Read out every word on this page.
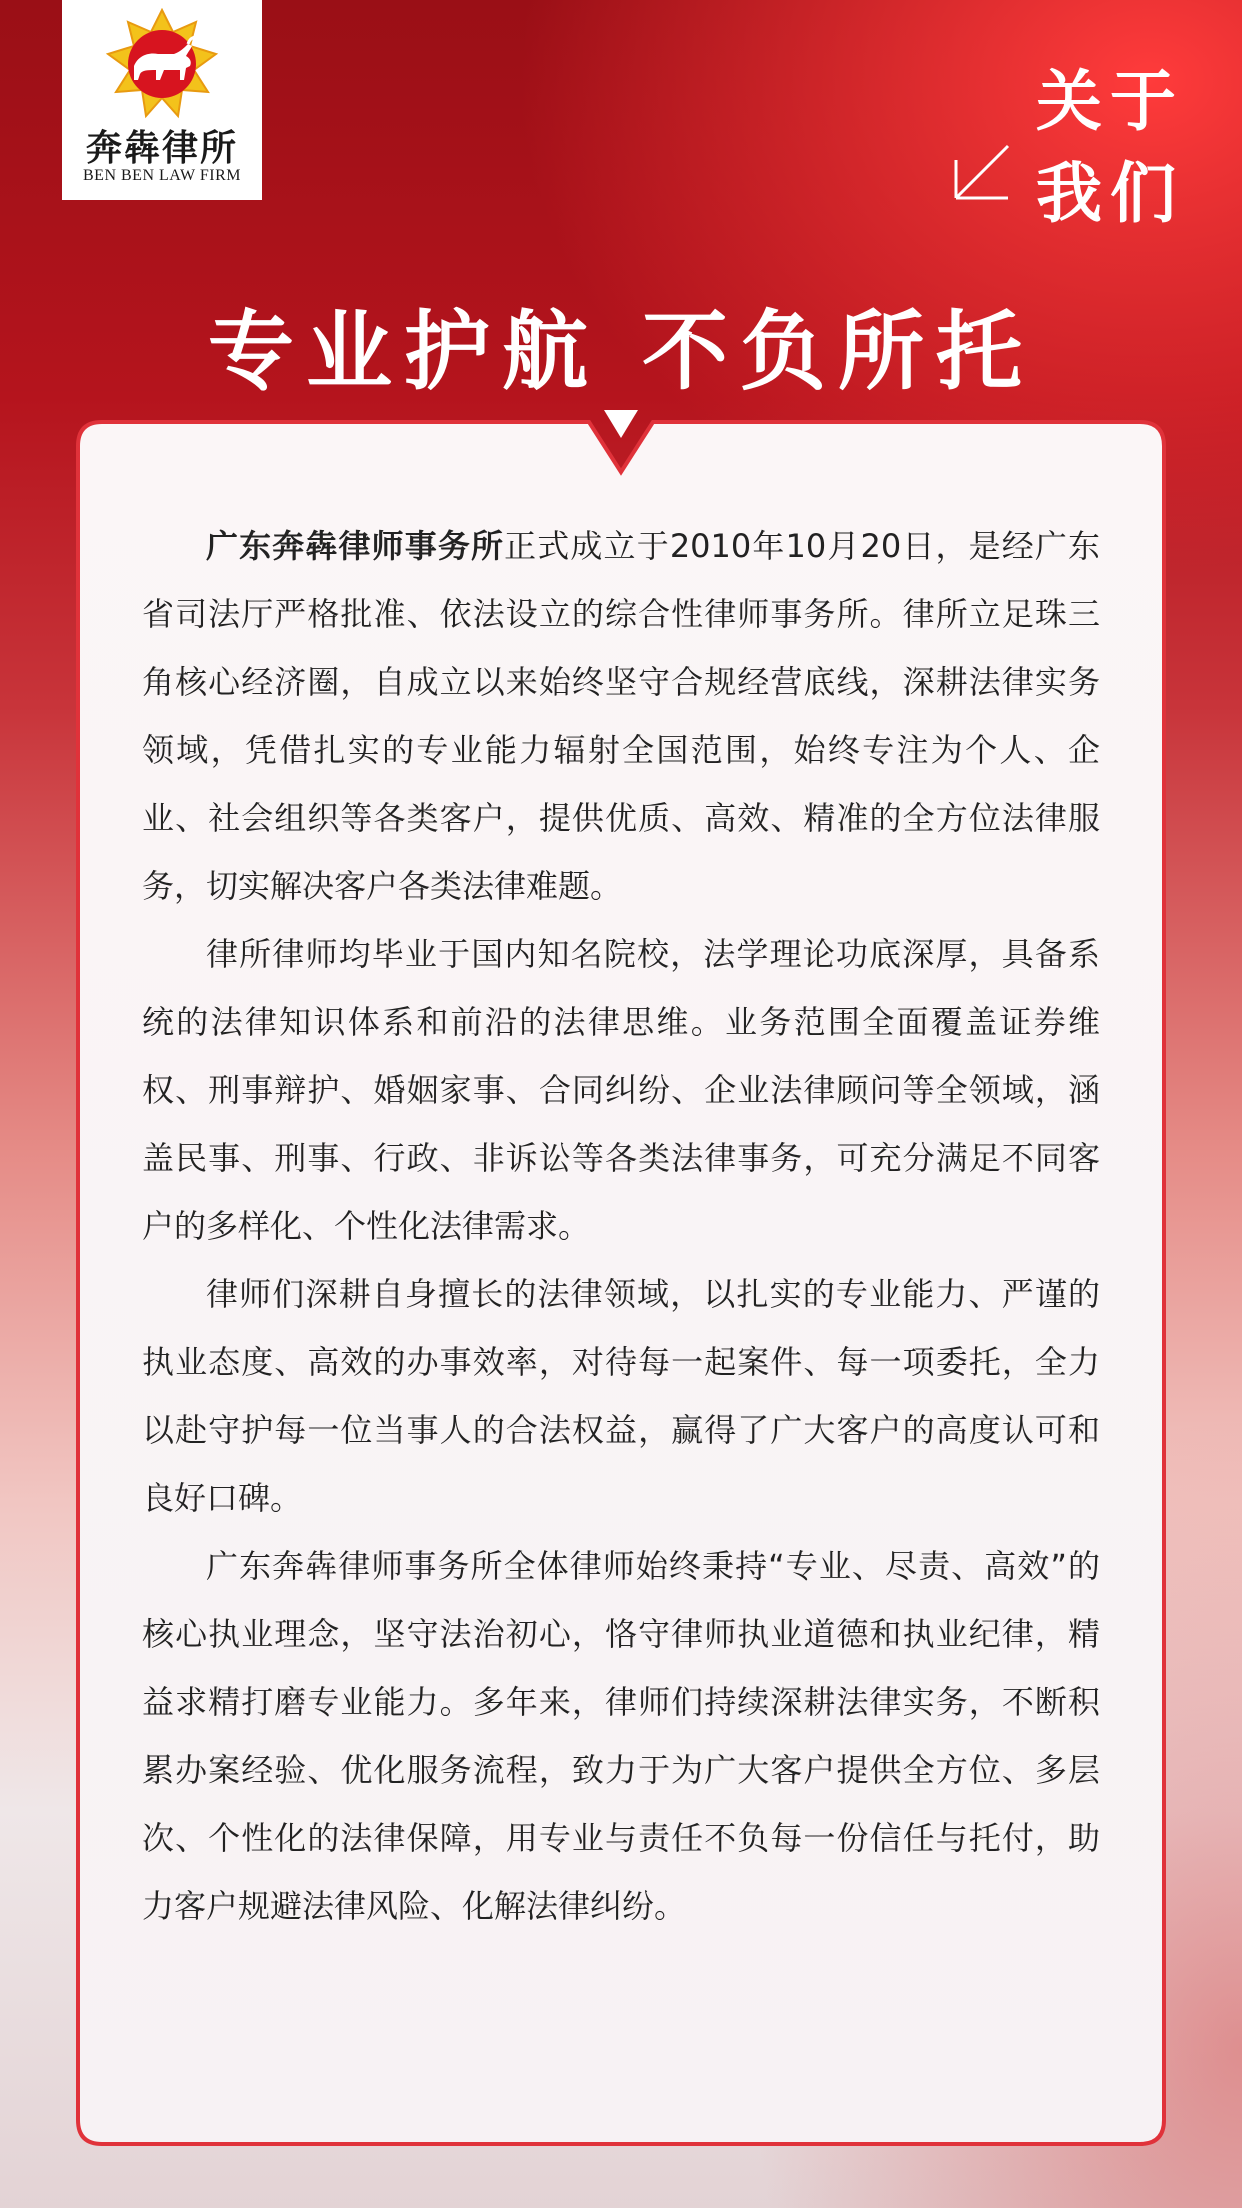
奔犇律所
BEN BEN LAW FIRM
关于
我们
专业护航 不负所托

广东奔犇律师事务所正式成立于2010年10月20日，是经广东省司法厅严格批准、依法设立的综合性律师事务所。律所立足珠三角核心经济圈，自成立以来始终坚守合规经营底线，深耕法律实务领域，凭借扎实的专业能力辐射全国范围，始终专注为个人、企业、社会组织等各类客户，提供优质、高效、精准的全方位法律服务，切实解决客户各类法律难题。

律所律师均毕业于国内知名院校，法学理论功底深厚，具备系统的法律知识体系和前沿的法律思维。业务范围全面覆盖证券维权、刑事辩护、婚姻家事、合同纠纷、企业法律顾问等全领域，涵盖民事、刑事、行政、非诉讼等各类法律事务，可充分满足不同客户的多样化、个性化法律需求。

律师们深耕自身擅长的法律领域，以扎实的专业能力、严谨的执业态度、高效的办事效率，对待每一起案件、每一项委托，全力以赴守护每一位当事人的合法权益，赢得了广大客户的高度认可和良好口碑。

广东奔犇律师事务所全体律师始终秉持“专业、尽责、高效”的核心执业理念，坚守法治初心，恪守律师执业道德和执业纪律，精益求精打磨专业能力。多年来，律师们持续深耕法律实务，不断积累办案经验、优化服务流程，致力于为广大客户提供全方位、多层次、个性化的法律保障，用专业与责任不负每一份信任与托付，助力客户规避法律风险、化解法律纠纷。
